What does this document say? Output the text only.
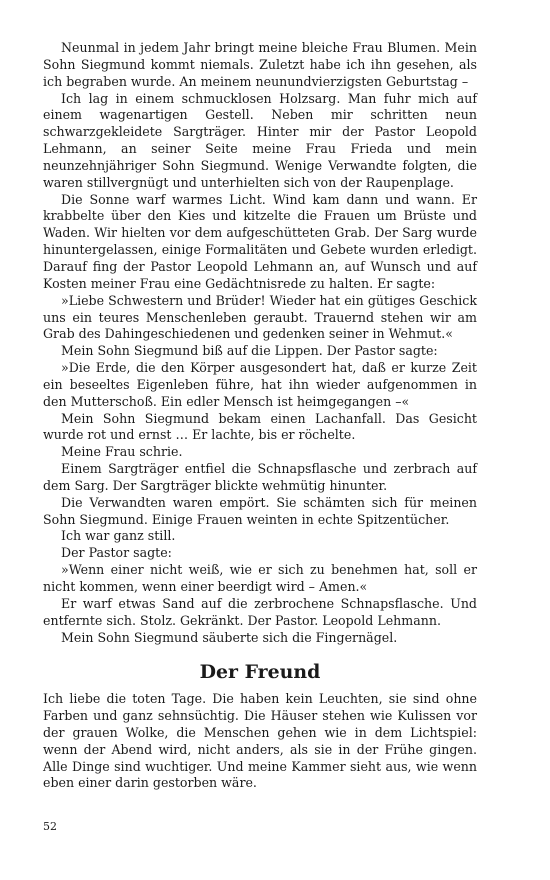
Neunmal in jedem Jahr bringt meine bleiche Frau Blumen. Mein Sohn Siegmund kommt niemals. Zuletzt habe ich ihn gesehen, als ich begraben wurde. An meinem neunundvierzigsten Geburtstag –

Ich lag in einem schmucklosen Holzsarg. Man fuhr mich auf einem wagenartigen Gestell. Neben mir schritten neun schwarzgekleidete Sargträger. Hinter mir der Pastor Leopold Lehmann, an seiner Seite meine Frau Frieda und mein neunzehnjähriger Sohn Siegmund. Wenige Verwandte folgten, die waren stillvergnügt und unterhielten sich von der Raupenplage.

Die Sonne warf warmes Licht. Wind kam dann und wann. Er krabbelte über den Kies und kitzelte die Frauen um Brüste und Waden. Wir hielten vor dem aufgeschütteten Grab. Der Sarg wurde hinuntergelassen, einige Formalitäten und Gebete wurden erledigt. Darauf fing der Pastor Leopold Lehmann an, auf Wunsch und auf Kosten meiner Frau eine Gedächtnisrede zu halten. Er sagte:

»Liebe Schwestern und Brüder! Wieder hat ein gütiges Geschick uns ein teures Menschenleben geraubt. Trauernd stehen wir am Grab des Dahingeschiedenen und gedenken seiner in Wehmut.«

Mein Sohn Siegmund biß auf die Lippen. Der Pastor sagte:

»Die Erde, die den Körper ausgesondert hat, daß er kurze Zeit ein beseeltes Eigenleben führe, hat ihn wieder aufgenommen in den Mutterschoß. Ein edler Mensch ist heimgegangen –«

Mein Sohn Siegmund bekam einen Lachanfall. Das Gesicht wurde rot und ernst … Er lachte, bis er röchelte.

Meine Frau schrie.

Einem Sargträger entfiel die Schnapsflasche und zerbrach auf dem Sarg. Der Sargträger blickte wehmütig hinunter.

Die Verwandten waren empört. Sie schämten sich für meinen Sohn Siegmund. Einige Frauen weinten in echte Spitzentücher.

Ich war ganz still.

Der Pastor sagte:

»Wenn einer nicht weiß, wie er sich zu benehmen hat, soll er nicht kommen, wenn einer beerdigt wird – Amen.«

Er warf etwas Sand auf die zerbrochene Schnapsflasche. Und entfernte sich. Stolz. Gekränkt. Der Pastor. Leopold Lehmann.

Mein Sohn Siegmund säuberte sich die Fingernägel.

Der Freund

Ich liebe die toten Tage. Die haben kein Leuchten, sie sind ohne Farben und ganz sehnsüchtig. Die Häuser stehen wie Kulissen vor der grauen Wolke, die Menschen gehen wie in dem Lichtspiel: wenn der Abend wird, nicht anders, als sie in der Frühe gingen. Alle Dinge sind wuchtiger. Und meine Kammer sieht aus, wie wenn eben einer darin gestorben wäre.

52
